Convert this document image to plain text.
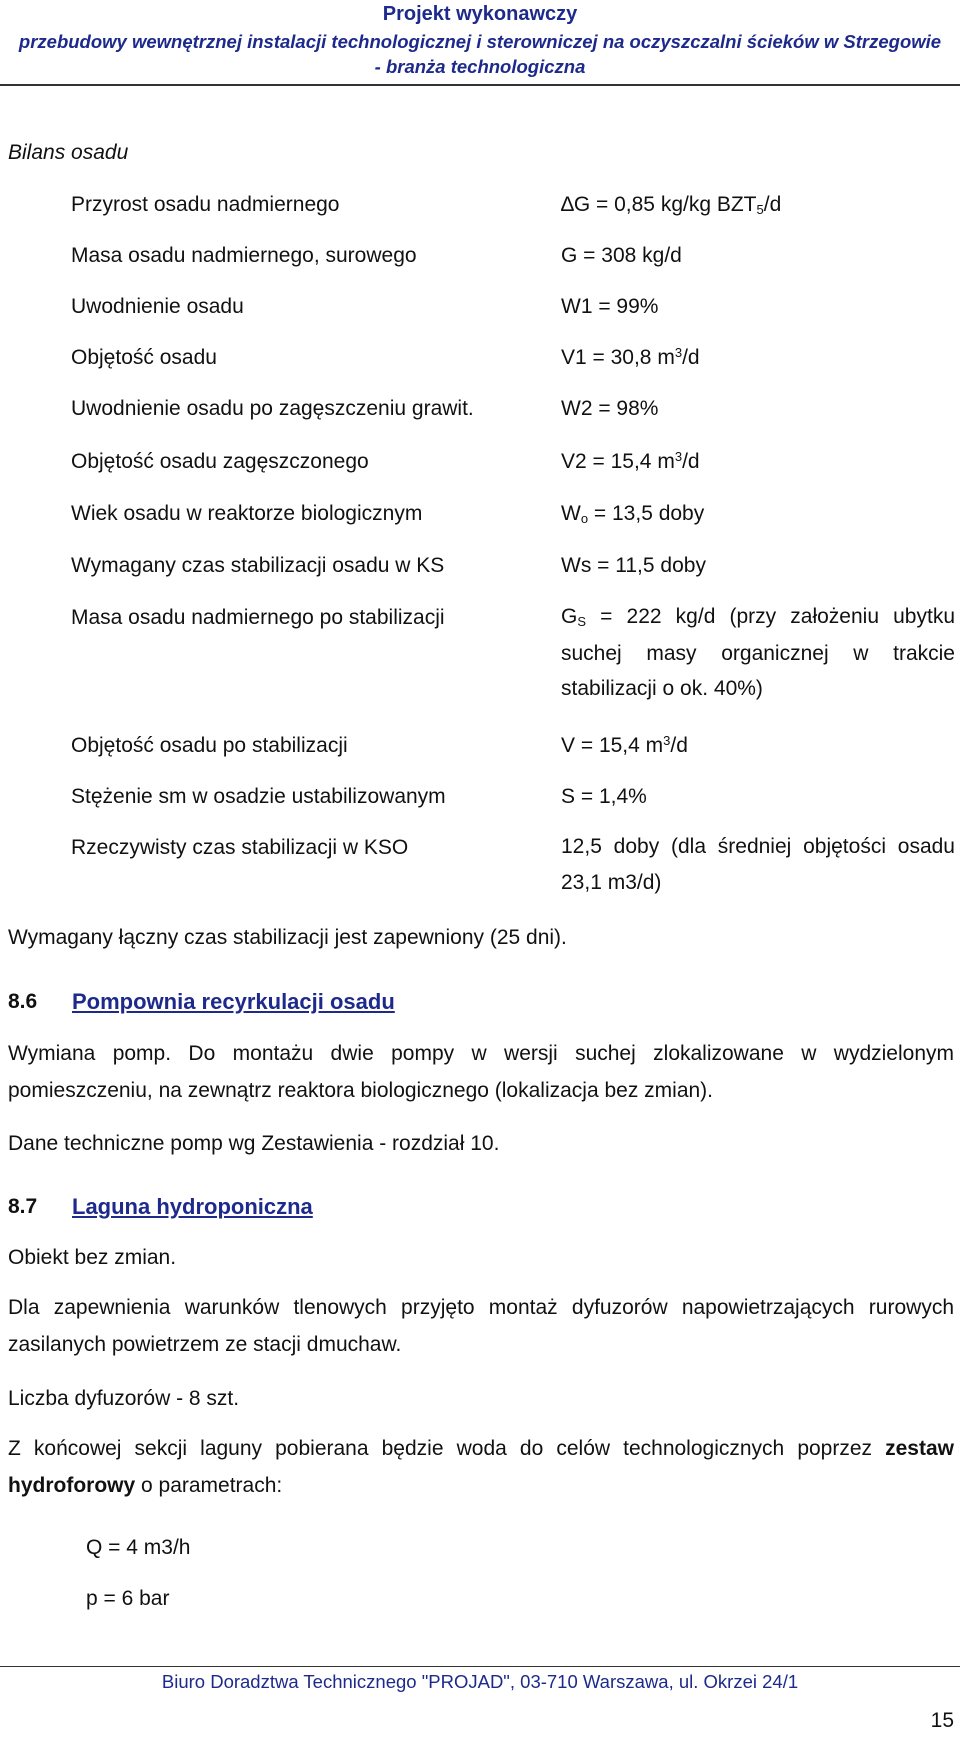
Projekt wykonawczy
przebudowy wewnętrznej instalacji technologicznej i sterowniczej na oczyszczalni ścieków w Strzegowie
- branża technologiczna
Bilans osadu
Przyrost osadu nadmiernego	∆G = 0,85 kg/kg BZT5/d
Masa osadu nadmiernego, surowego	G = 308 kg/d
Uwodnienie osadu	W1 = 99%
Objętość osadu	V1 = 30,8 $m^3/d$
Uwodnienie osadu po zagęszczeniu grawit.	W2 = 98%
Objętość osadu zagęszczonego	V2 = 15,4 $m^3/d$
Wiek osadu w reaktorze biologicznym	Wo = 13,5 doby
Wymagany czas stabilizacji osadu w KS	Ws = 11,5 doby
Masa osadu nadmiernego po stabilizacji	GS = 222 kg/d (przy założeniu ubytku suchej masy organicznej w trakcie stabilizacji o ok. 40%)
Objętość osadu po stabilizacji	V = 15,4 $m^3/d$
Stężenie sm w osadzie ustabilizowanym	S = 1,4%
Rzeczywisty czas stabilizacji w KSO	12,5 doby (dla średniej objętości osadu 23,1 m3/d)
Wymagany łączny czas stabilizacji jest zapewniony (25 dni).
8.6 Pompownia recyrkulacji osadu
Wymiana pomp. Do montażu dwie pompy w wersji suchej zlokalizowane w wydzielonym pomieszczeniu, na zewnątrz reaktora biologicznego (lokalizacja bez zmian).
Dane techniczne pomp wg Zestawienia - rozdział 10.
8.7 Laguna hydroponiczna
Obiekt bez zmian.
Dla zapewnienia warunków tlenowych przyjęto montaż dyfuzorów napowietrzających rurowych zasilanych powietrzem ze stacji dmuchaw.
Liczba dyfuzorów - 8 szt.
Z końcowej sekcji laguny pobierana będzie woda do celów technologicznych poprzez zestaw hydroforowy o parametrach:
Q = 4 m3/h
p = 6 bar
Biuro Doradztwa Technicznego "PROJAD", 03-710 Warszawa, ul. Okrzei 24/1
15
